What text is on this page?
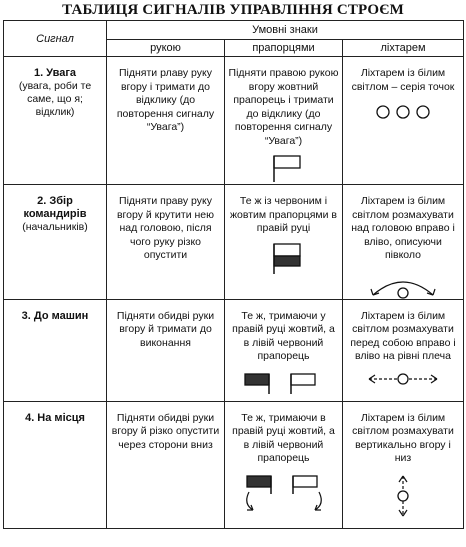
ТАБЛИЦЯ СИГНАЛІВ УПРАВЛІННЯ СТРОЄМ
Сигнал	Умовні знаки		
	рукою	прапорцями	ліхтарем
1. Увага
(увага, роби те саме, що я; відклик)	Підняти рлаву руку вгору і тримати до відклику (до повторення сигналу “Увага”)	Підняти правою рукою вгору жовтний прапорець і тримати до відклику (до повторення сигналу “Увага”)	Ліхтарем із білим світлом – серія точок

2. Збір командирів
(начальників)	Підняти праву руку вгору й крутити нею над головою, після чого руку різко опустити	Те ж із червоним і жовтим прапорцями в правій руці	Ліхтарем із білим світлом розмахувати над головою вправо і вліво, описуючи півколо

3. До машин	Підняти обидві руки вгору й тримати до виконання	Те ж, тримаючи у правій руці жовтий, а в лівій червоний прапорець	Ліхтарем із білим світлом розмахувати перед собою вправо і вліво на рівні плеча

4. На місця	Підняти обидві руки вгору й різко опустити через сторони вниз	Те ж, тримаючи в правій руці жовтий, а в лівій червоний прапорець	Ліхтарем із білим світлом розмахувати вертикально вгору і низ
